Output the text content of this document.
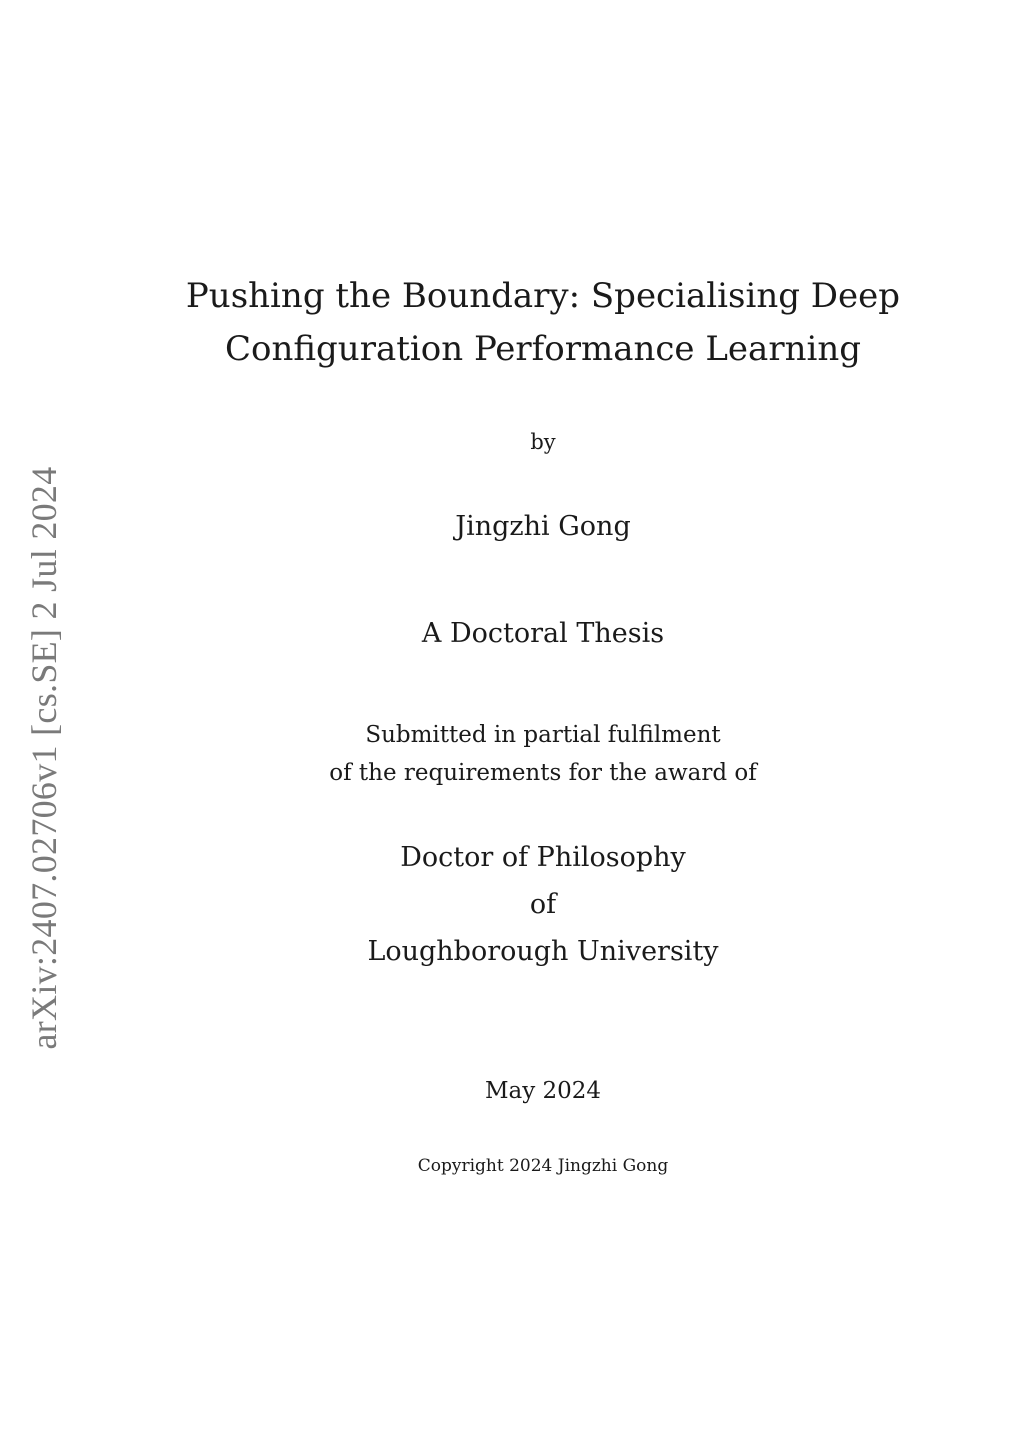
arXiv:2407.02706v1 [cs.SE] 2 Jul 2024
Pushing the Boundary: Specialising Deep
Configuration Performance Learning
by
Jingzhi Gong
A Doctoral Thesis
Submitted in partial fulfilment
of the requirements for the award of
Doctor of Philosophy
of
Loughborough University
May 2024
Copyright 2024 Jingzhi Gong
